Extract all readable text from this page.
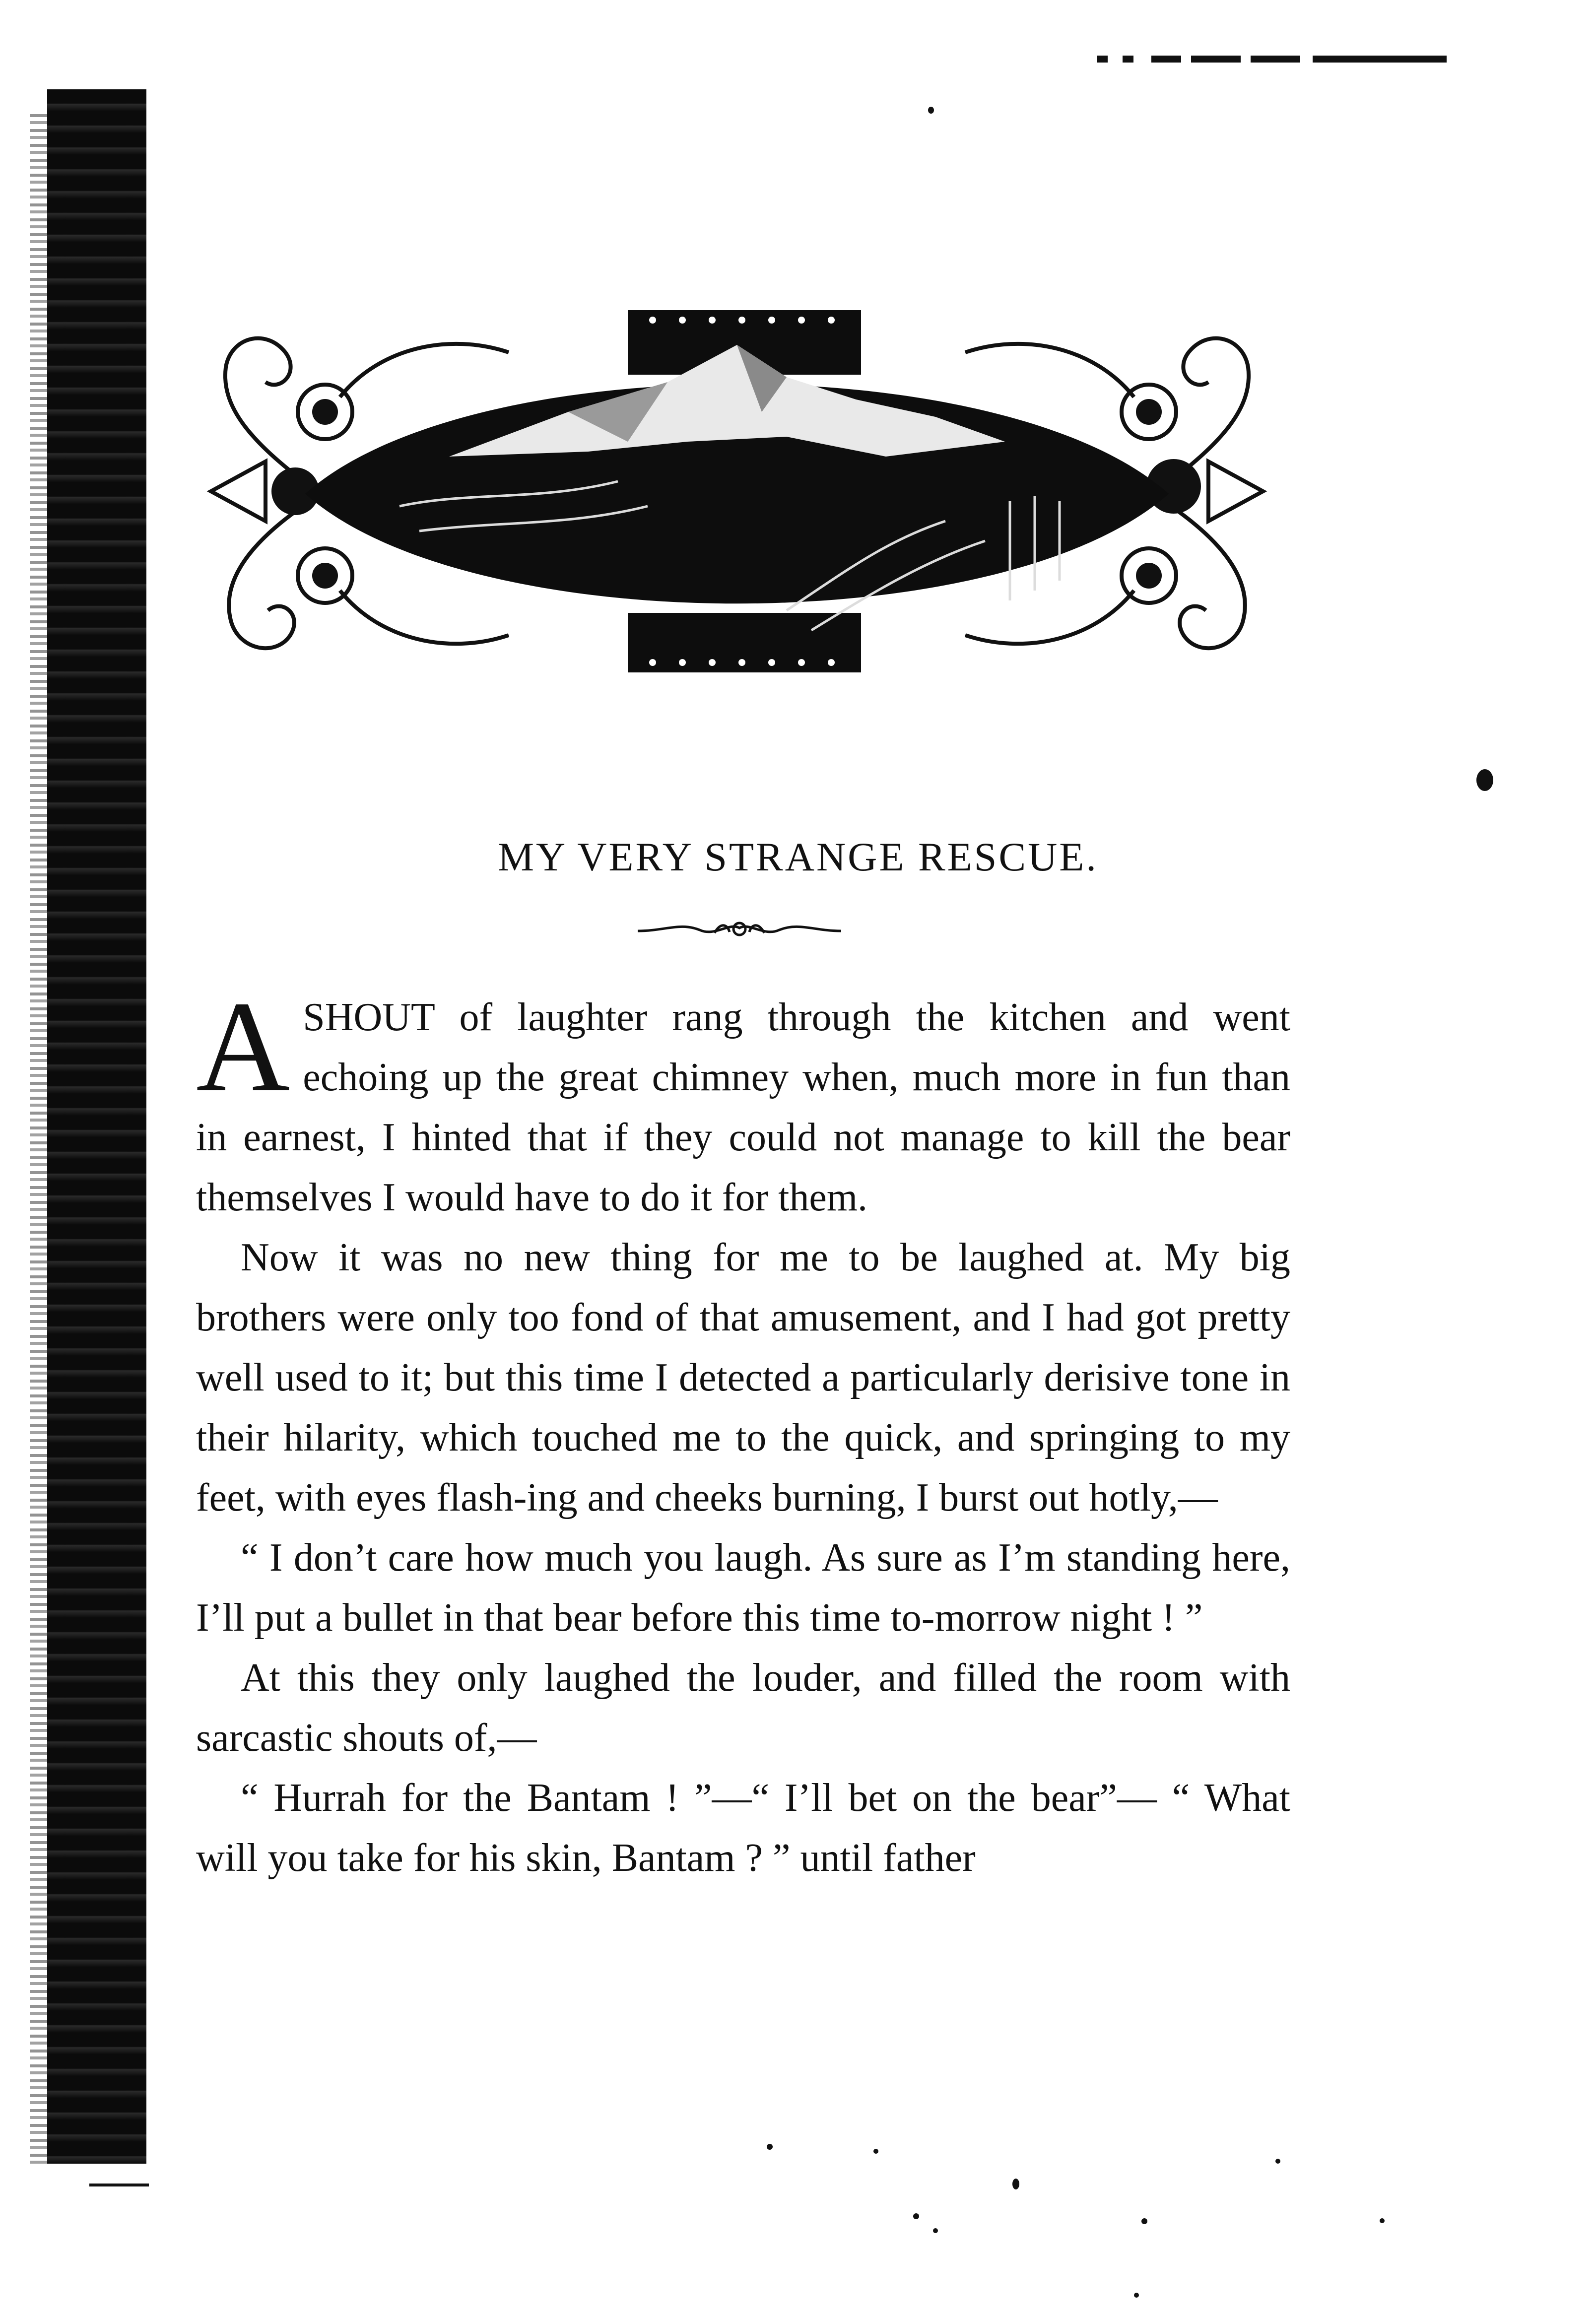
MY VERY STRANGE RESCUE.

ASHOUT of laughter rang through the kitchen and went echoing up the great chimney when, much more in fun than in earnest, I hinted that if they could not manage to kill the bear themselves I would have to do it for them.

Now it was no new thing for me to be laughed at. My big brothers were only too fond of that amusement, and I had got pretty well used to it; but this time I detected a particularly derisive tone in their hilarity, which touched me to the quick, and springing to my feet, with eyes flash-ing and cheeks burning, I burst out hotly,—

“ I don’t care how much you laugh. As sure as I’m standing here, I’ll put a bullet in that bear before this time to-morrow night ! ”

At this they only laughed the louder, and filled the room with sarcastic shouts of,—

“ Hurrah for the Bantam ! ”—“ I’ll bet on the bear”— “ What will you take for his skin, Bantam ? ” until father
